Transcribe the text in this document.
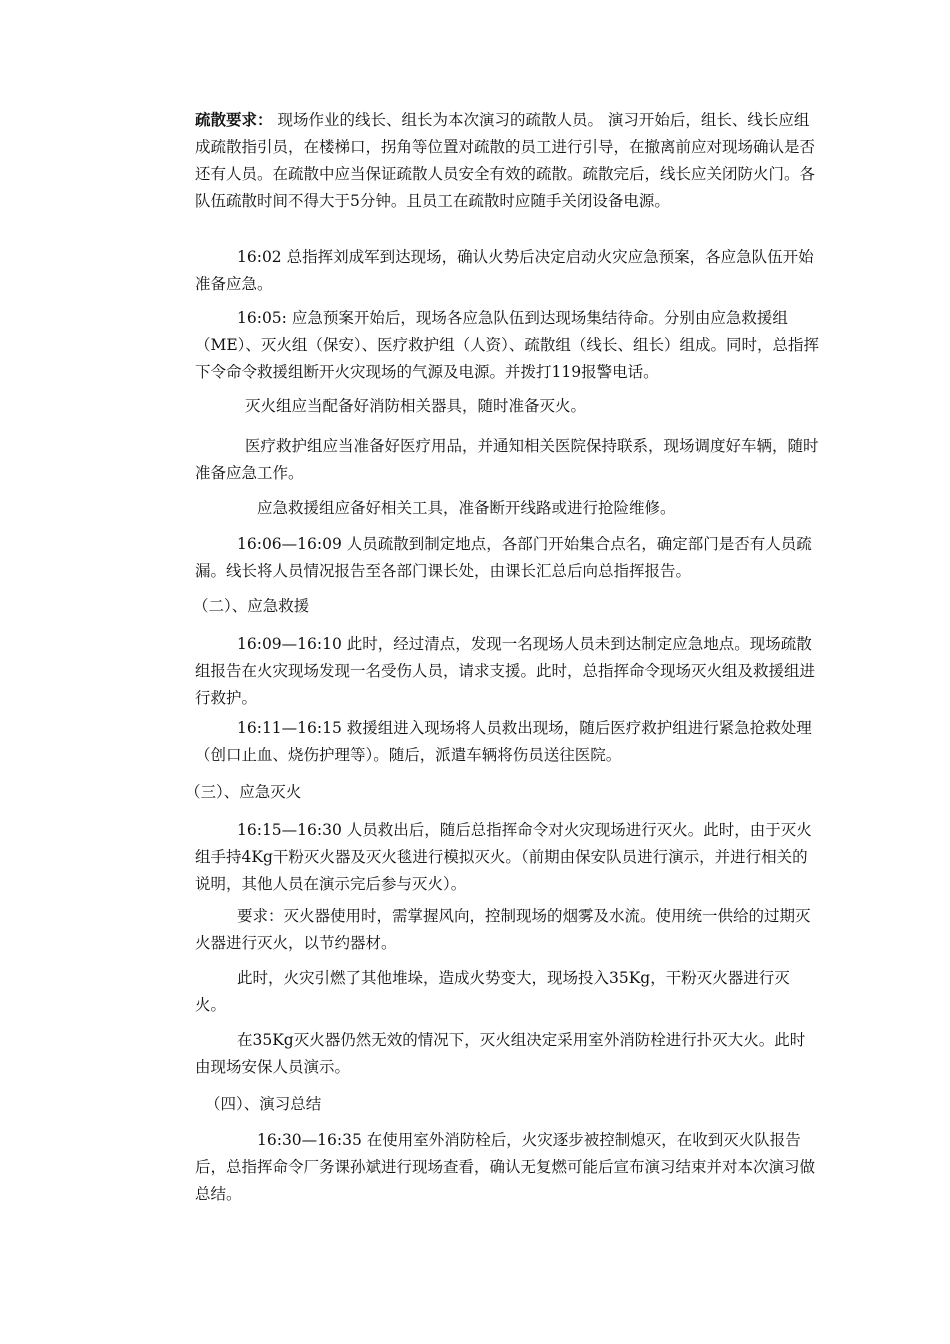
疏散要求： 现场作业的线长、组长为本次演习的疏散人员。 演习开始后，组长、线长应组成疏散指引员，在楼梯口，拐角等位置对疏散的员工进行引导，在撤离前应对现场确认是否还有人员。在疏散中应当保证疏散人员安全有效的疏散。疏散完后，线长应关闭防火门。各队伍疏散时间不得大于5分钟。且员工在疏散时应随手关闭设备电源。

16:02 总指挥刘成军到达现场，确认火势后决定启动火灾应急预案，各应急队伍开始准备应急。

16:05: 应急预案开始后，现场各应急队伍到达现场集结待命。分别由应急救援组（ME）、灭火组（保安）、医疗救护组（人资）、疏散组（线长、组长）组成。同时，总指挥下令命令救援组断开火灾现场的气源及电源。并拨打119报警电话。

灭火组应当配备好消防相关器具，随时准备灭火。

医疗救护组应当准备好医疗用品，并通知相关医院保持联系，现场调度好车辆，随时准备应急工作。

应急救援组应备好相关工具，准备断开线路或进行抢险维修。

16:06—16:09 人员疏散到制定地点，各部门开始集合点名，确定部门是否有人员疏漏。线长将人员情况报告至各部门课长处，由课长汇总后向总指挥报告。

（二）、应急救援

16:09—16:10 此时，经过清点，发现一名现场人员未到达制定应急地点。现场疏散组报告在火灾现场发现一名受伤人员，请求支援。此时，总指挥命令现场灭火组及救援组进行救护。

16:11—16:15 救援组进入现场将人员救出现场，随后医疗救护组进行紧急抢救处理（创口止血、烧伤护理等）。随后，派遣车辆将伤员送往医院。

（三）、应急灭火

16:15—16:30 人员救出后，随后总指挥命令对火灾现场进行灭火。此时，由于灭火组手持4Kg干粉灭火器及灭火毯进行模拟灭火。（前期由保安队员进行演示，并进行相关的说明，其他人员在演示完后参与灭火）。

要求：灭火器使用时，需掌握风向，控制现场的烟雾及水流。使用统一供给的过期灭火器进行灭火，以节约器材。

此时，火灾引燃了其他堆垛，造成火势变大，现场投入35Kg，干粉灭火器进行灭火。

在35Kg灭火器仍然无效的情况下，灭火组决定采用室外消防栓进行扑灭大火。此时由现场安保人员演示。

（四）、演习总结

16:30—16:35 在使用室外消防栓后，火灾逐步被控制熄灭，在收到灭火队报告后，总指挥命令厂务课孙斌进行现场查看，确认无复燃可能后宣布演习结束并对本次演习做总结。
